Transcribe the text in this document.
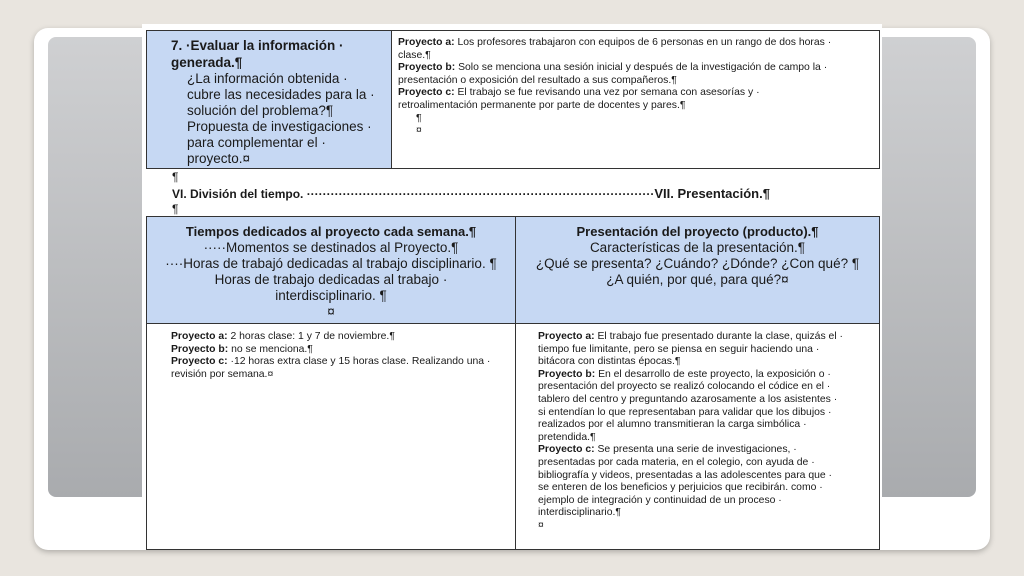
7. ·Evaluar la información ·
generada.¶
¿La información obtenida ·
cubre las necesidades para la ·
solución del problema?¶
Propuesta de investigaciones ·
para complementar el ·
proyecto.¤
Proyecto a: Los profesores trabajaron con equipos de 6 personas en un rango de dos horas ·
clase.¶
Proyecto b: Solo se menciona una sesión inicial y después de la investigación de campo la ·
presentación o exposición del resultado a sus compañeros.¶
Proyecto c: El trabajo se fue revisando una vez por semana con asesorías y ·
retroalimentación permanente por parte de docentes y pares.¶
¶
¤
¶
VI. División del tiempo. ·······················································································VII. Presentación.¶
¶
Tiempos dedicados al proyecto cada semana.¶
·····Momentos se destinados al Proyecto.¶
····Horas de trabajó dedicadas al trabajo disciplinario. ¶
Horas de trabajo dedicadas al trabajo ·
interdisciplinario. ¶
¤
Presentación del proyecto (producto).¶
Características de la presentación.¶
¿Qué se presenta? ¿Cuándo? ¿Dónde? ¿Con qué? ¶
¿A quién, por qué, para qué?¤
Proyecto a: 2 horas clase: 1 y 7 de noviembre.¶
Proyecto b: no se menciona.¶
Proyecto c: ·12 horas extra clase y 15 horas clase. Realizando una ·
revisión por semana.¤
Proyecto a: El trabajo fue presentado durante la clase, quizás el ·
tiempo fue limitante, pero se piensa en seguir haciendo una ·
bitácora con distintas épocas.¶
Proyecto b: En el desarrollo de este proyecto, la exposición o ·
presentación del proyecto se realizó colocando el códice en el ·
tablero del centro y preguntando azarosamente a los asistentes ·
si entendían lo que representaban para validar que los dibujos ·
realizados por el alumno transmitieran la carga simbólica ·
pretendida.¶
Proyecto c: Se presenta una serie de investigaciones, ·
presentadas por cada materia, en el colegio, con ayuda de ·
bibliografía y videos, presentadas a las adolescentes para que ·
se enteren de los beneficios y perjuicios que recibirán. como ·
ejemplo de integración y continuidad de un proceso ·
interdisciplinario.¶
¤
